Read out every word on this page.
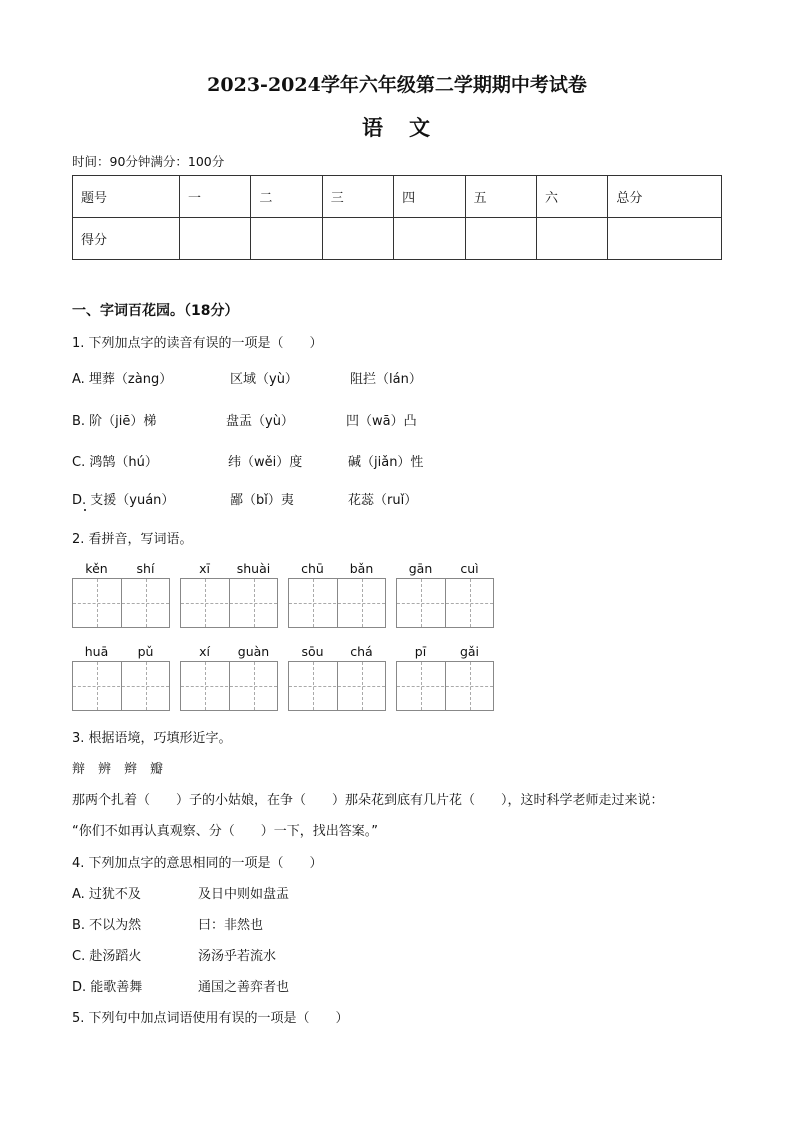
2023-2024学年六年级第二学期期中考试卷
语 文
时间：90分钟满分：100分
题号	一	二	三	四	五	六	总分
得分							
一、字词百花园。（18分）
1. 下列加点字的读音有误的一项是（　　）
A. 埋葬（zàng）	区域（yù）	阻拦（lán）
B. 阶（jiē）梯	盘盂（yù）	凹（wā）凸
C. 鸿鹄（hú）	纬（wěi）度	碱（jiǎn）性
D. 支援（yuán）	鄙（bǐ）夷	花蕊（ruǐ）
2. 看拼音，写词语。
kěn	shí	xī	shuài	chū	bǎn	gān	cuì
huā	pǔ	xí	guàn	sōu	chá	pī	gǎi
3. 根据语境，巧填形近字。
辩　辨　辫　瓣
那两个扎着（　　）子的小姑娘，在争（　　）那朵花到底有几片花（　　），这时科学老师走过来说：
“你们不如再认真观察、分（　　）一下，找出答案。”
4. 下列加点字的意思相同的一项是（　　）
A. 过犹不及	及日中则如盘盂
B. 不以为然	曰：非然也
C. 赴汤蹈火	汤汤乎若流水
D. 能歌善舞	通国之善弈者也
5. 下列句中加点词语使用有误的一项是（　　）
